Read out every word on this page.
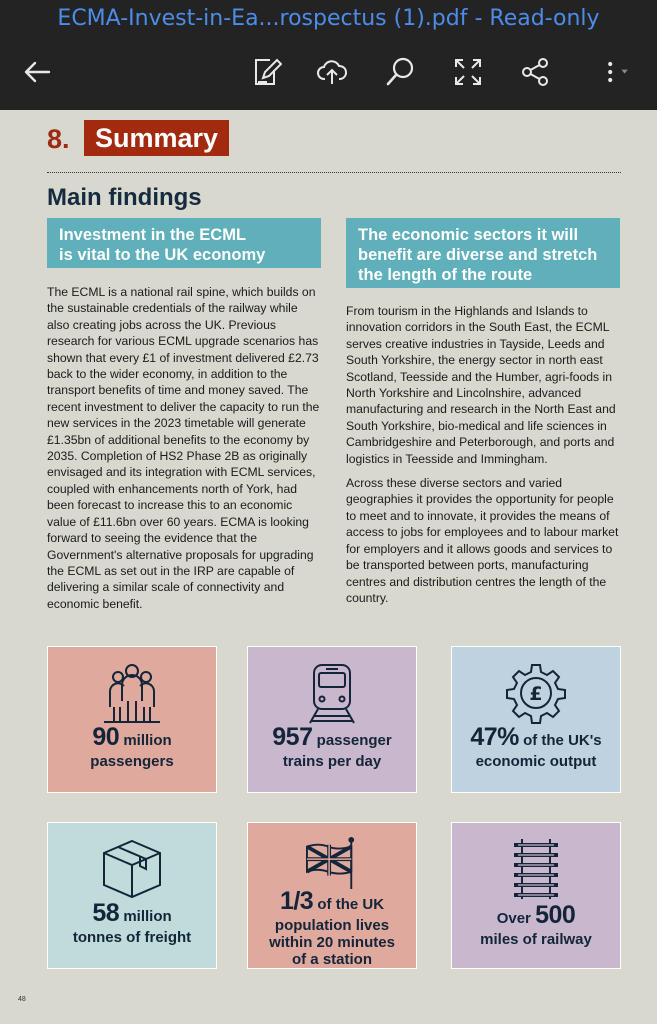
ECMA-Invest-in-Ea...rospectus (1).pdf - Read-only
8. Summary
Main findings
Investment in the ECML
is vital to the UK economy

The ECML is a national rail spine, which builds on the sustainable credentials of the railway while also creating jobs across the UK. Previous research for various ECML upgrade scenarios has shown that every £1 of investment delivered £2.73 back to the wider economy, in addition to the transport benefits of time and money saved. The recent investment to deliver the capacity to run the new services in the 2023 timetable will generate £1.35bn of additional benefits to the economy by 2035. Completion of HS2 Phase 2B as originally envisaged and its integration with ECML services, coupled with enhancements north of York, had been forecast to increase this to an economic value of £11.6bn over 60 years. ECMA is looking forward to seeing the evidence that the Government's alternative proposals for upgrading the ECML as set out in the IRP are capable of delivering a similar scale of connectivity and economic benefit.

The economic sectors it will
benefit are diverse and stretch
the length of the route

From tourism in the Highlands and Islands to innovation corridors in the South East, the ECML serves creative industries in Tayside, Leeds and South Yorkshire, the energy sector in north east Scotland, Teesside and the Humber, agri-foods in North Yorkshire and Lincolnshire, advanced manufacturing and research in the North East and South Yorkshire, bio-medical and life sciences in Cambridgeshire and Peterborough, and ports and logistics in Teesside and Immingham.

Across these diverse sectors and varied geographies it provides the opportunity for people to meet and to innovate, it provides the means of access to jobs for employees and to labour market for employers and it allows goods and services to be transported between ports, manufacturing centres and distribution centres the length of the country.

90 million
passengers
957 passenger
trains per day
£
47% of the UK's
economic output
58 million
tonnes of freight
1/3 of the UK
population lives
within 20 minutes
of a station
Over 500
miles of railway
48
